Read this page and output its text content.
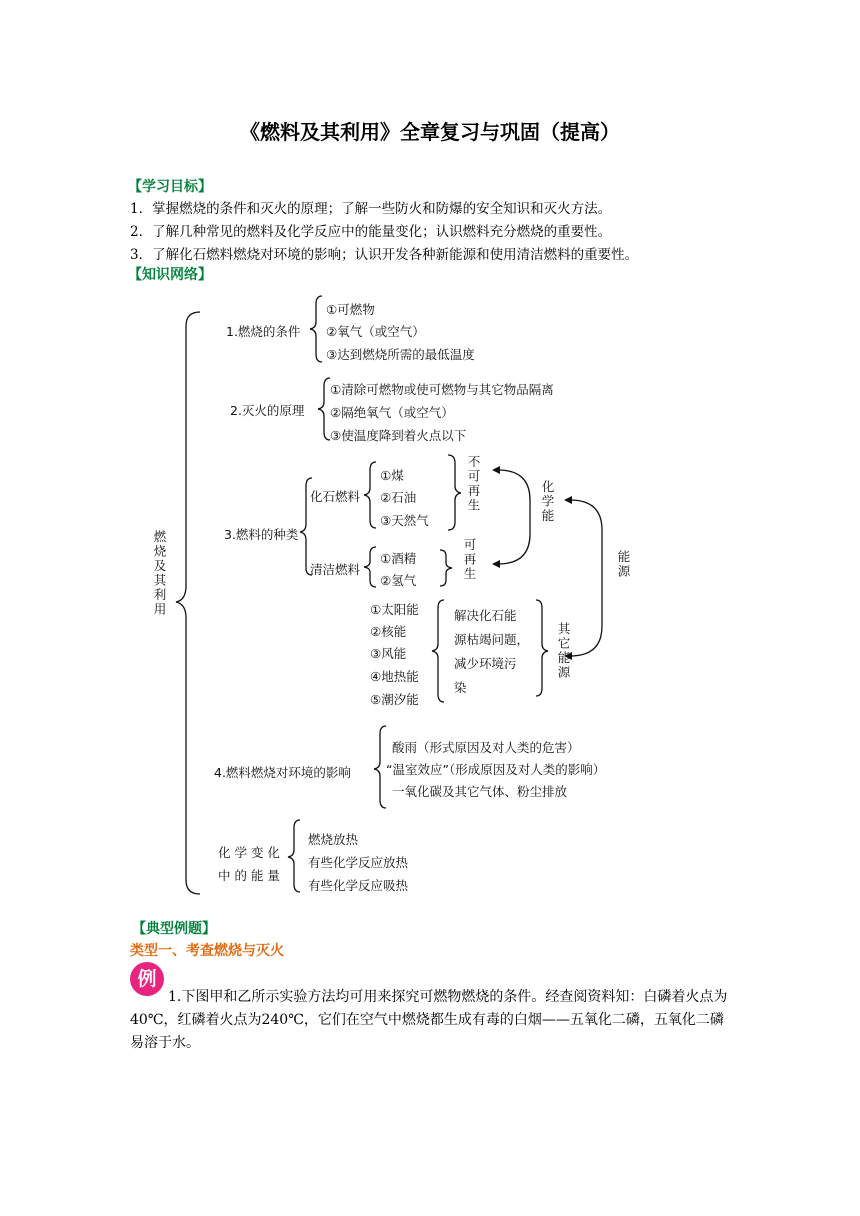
《燃料及其利用》全章复习与巩固（提高）
【学习目标】
1．掌握燃烧的条件和灭火的原理；了解一些防火和防爆的安全知识和灭火方法。
2．了解几种常见的燃料及化学反应中的能量变化；认识燃料充分燃烧的重要性。
3．了解化石燃料燃烧对环境的影响；认识开发各种新能源和使用清洁燃料的重要性。
【知识网络】
燃烧及其利用
1.燃烧的条件
①可燃物
②氧气（或空气）
③达到燃烧所需的最低温度
2.灭火的原理
①清除可燃物或使可燃物与其它物品隔离
②隔绝氧气（或空气）
③使温度降到着火点以下
3.燃料的种类
化石燃料
①煤
②石油
③天然气
不可再生
清洁燃料
①酒精
②氢气	可再生
化学能
能源
①太阳能
②核能
③风能
④地热能
⑤潮汐能
解决化石能
源枯竭问题，
减少环境污
染
其它能源
4.燃料燃烧对环境的影响
酸雨（形式原因及对人类的危害）
“温室效应”（形成原因及对人类的影响）
一氧化碳及其它气体、粉尘排放
化 学 变 化
中 的 能 量
燃烧放热
有些化学反应放热
有些化学反应吸热
【典型例题】
类型一、考查燃烧与灭火
例
1.下图甲和乙所示实验方法均可用来探究可燃物燃烧的条件。经查阅资料知：白磷着火点为40℃，红磷着火点为240℃，它们在空气中燃烧都生成有毒的白烟——五氧化二磷，五氧化二磷易溶于水。
